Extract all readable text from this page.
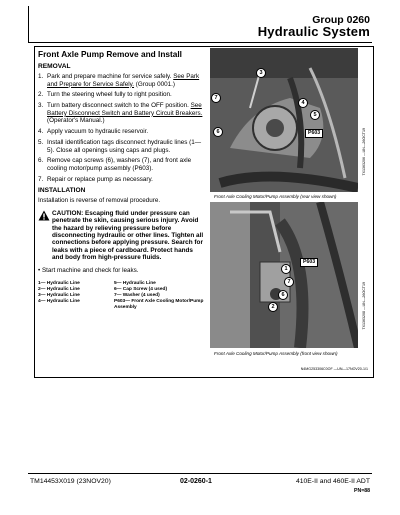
Group 0260
Hydraulic System
Front Axle Pump Remove and Install
REMOVAL
1. Park and prepare machine for service safely. See Park and Prepare for Service Safely. (Group 0001.)
2. Turn the steering wheel fully to right position.
3. Turn battery disconnect switch to the OFF position. See Battery Disconnect Switch and Battery Circuit Breakers. (Operator's Manual.)
4. Apply vacuum to hydraulic reservoir.
5. Install identification tags disconnect hydraulic lines (1—5). Close all openings using caps and plugs.
6. Remove cap screws (6), washers (7), and front axle cooling motor/pump assembly (P603).
7. Repair or replace pump as necessary.
INSTALLATION
Installation is reverse of removal procedure.
CAUTION: Escaping fluid under pressure can penetrate the skin, causing serious injury. Avoid the hazard by relieving pressure before disconnecting hydraulic or other lines. Tighten all connections before applying pressure. Search for leaks with a piece of cardboard. Protect hands and body from high-pressure fluids.
• Start machine and check for leaks.
1— Hydraulic Line
2— Hydraulic Line
3— Hydraulic Line
4— Hydraulic Line
5— Hydraulic Line
6— Cap Screw (4 used)
7— Washer (4 used)
P603— Front Axle Cooling Motor/Pump Assembly
3
7
4
5
6	P603
Front Axle Cooling Motor/Pump Assembly (rear view shown)
TX1363206 —UN—26OCT19
P603
1
7
6
2
Front Axle Cooling Motor/Pump Assembly (front view shown)
TX1363208 —UN—26OCT19
N4MG253306C0OF —UN—17NOV20-1/1
TM14453X019 (23NOV20)	02-0260-1	410E-II and 460E-II ADT
PN=88
